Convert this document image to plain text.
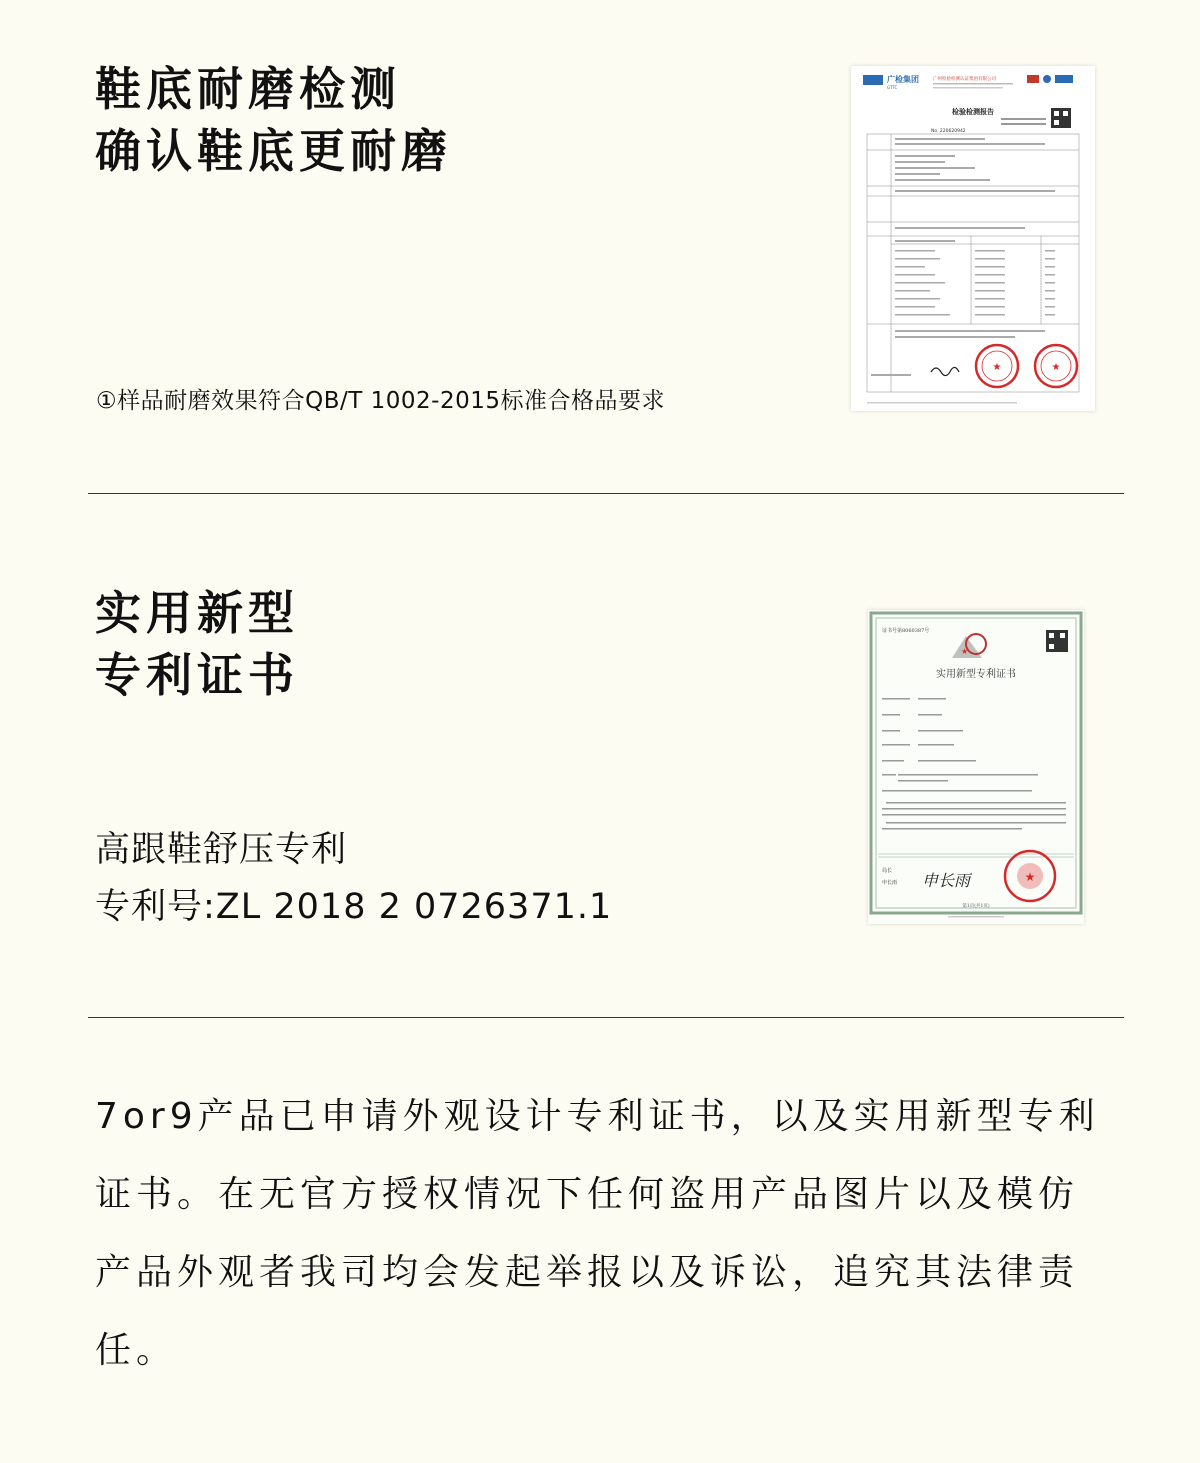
鞋底耐磨检测
确认鞋底更耐磨
①样品耐磨效果符合QB/T 1002-2015标准合格品要求
广检集团
GTTC
广州检验检测认证集团有限公司
检验检测报告
No. 220620942
★	★
实用新型
专利证书
高跟鞋舒压专利
专利号:ZL 2018 2 0726371.1
证书号第8060387号
★
实用新型专利证书
局长
申长雨 申长雨	★
第1页(共1页)
7or9产品已申请外观设计专利证书，以及实用新型专利证书。在无官方授权情况下任何盗用产品图片以及模仿产品外观者我司均会发起举报以及诉讼，追究其法律责任。
